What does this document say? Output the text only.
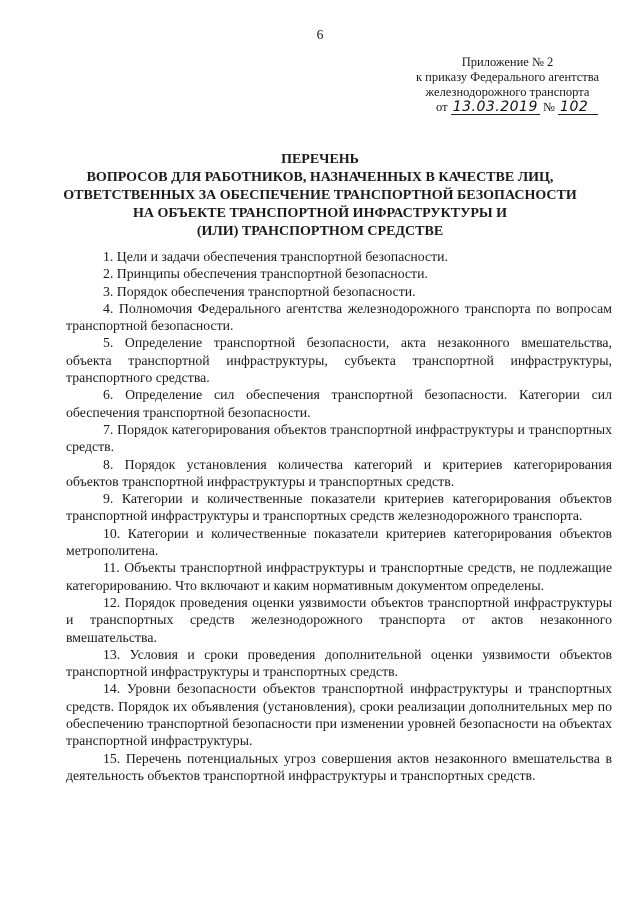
6
Приложение № 2
к приказу Федерального агентства
железнодорожного транспорта
от 13.03.2019 № 102
ПЕРЕЧЕНЬ
ВОПРОСОВ ДЛЯ РАБОТНИКОВ, НАЗНАЧЕННЫХ В КАЧЕСТВЕ ЛИЦ,
ОТВЕТСТВЕННЫХ ЗА ОБЕСПЕЧЕНИЕ ТРАНСПОРТНОЙ БЕЗОПАСНОСТИ
НА ОБЪЕКТЕ ТРАНСПОРТНОЙ ИНФРАСТРУКТУРЫ И
(ИЛИ) ТРАНСПОРТНОМ СРЕДСТВЕ

1. Цели и задачи обеспечения транспортной безопасности.

2. Принципы обеспечения транспортной безопасности.

3. Порядок обеспечения транспортной безопасности.

4. Полномочия Федерального агентства железнодорожного транспорта по вопросам транспортной безопасности.

5. Определение транспортной безопасности, акта незаконного вмешательства, объекта транспортной инфраструктуры, субъекта транспортной инфраструктуры, транспортного средства.

6. Определение сил обеспечения транспортной безопасности. Категории сил обеспечения транспортной безопасности.

7. Порядок категорирования объектов транспортной инфраструктуры и транспортных средств.

8. Порядок установления количества категорий и критериев категорирования объектов транспортной инфраструктуры и транспортных средств.

9. Категории и количественные показатели критериев категорирования объектов транспортной инфраструктуры и транспортных средств железнодорожного транспорта.

10. Категории и количественные показатели критериев категорирования объектов метрополитена.

11. Объекты транспортной инфраструктуры и транспортные средств, не подлежащие категорированию. Что включают и каким нормативным документом определены.

12. Порядок проведения оценки уязвимости объектов транспортной инфраструктуры и транспортных средств железнодорожного транспорта от актов незаконного вмешательства.

13. Условия и сроки проведения дополнительной оценки уязвимости объектов транспортной инфраструктуры и транспортных средств.

14. Уровни безопасности объектов транспортной инфраструктуры и транспортных средств. Порядок их объявления (установления), сроки реализации дополнительных мер по обеспечению транспортной безопасности при изменении уровней безопасности на объектах транспортной инфраструктуры.

15. Перечень потенциальных угроз совершения актов незаконного вмешательства в деятельность объектов транспортной инфраструктуры и транспортных средств.
